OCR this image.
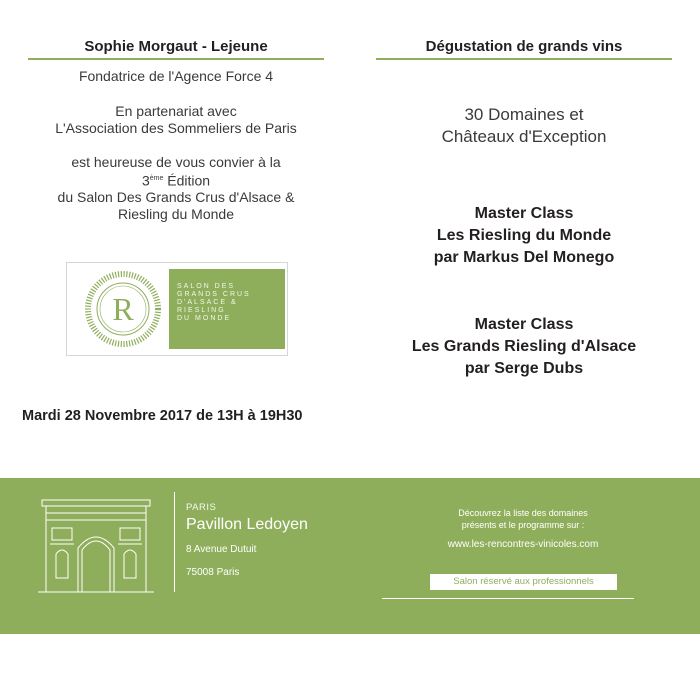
Sophie Morgaut - Lejeune
Fondatrice de l'Agence Force 4
En partenariat avec
L'Association des Sommeliers de Paris
est heureuse de vous convier à la
3ème Édition
du Salon Des Grands Crus d'Alsace &
Riesling du Monde
R
SALON DES
GRANDS CRUS
D'ALSACE &
RIESLING
DU MONDE
Mardi 28 Novembre 2017 de 13H à 19H30
Dégustation de grands vins
30 Domaines et
Châteaux d'Exception
Master Class
Les Riesling du Monde
par Markus Del Monego
Master Class
Les Grands Riesling d'Alsace
par Serge Dubs
PARIS
Pavillon Ledoyen
8 Avenue Dutuit
75008 Paris
Découvrez la liste des domaines
présents et le programme sur :
www.les-rencontres-vinicoles.com
Salon réservé aux professionnels
